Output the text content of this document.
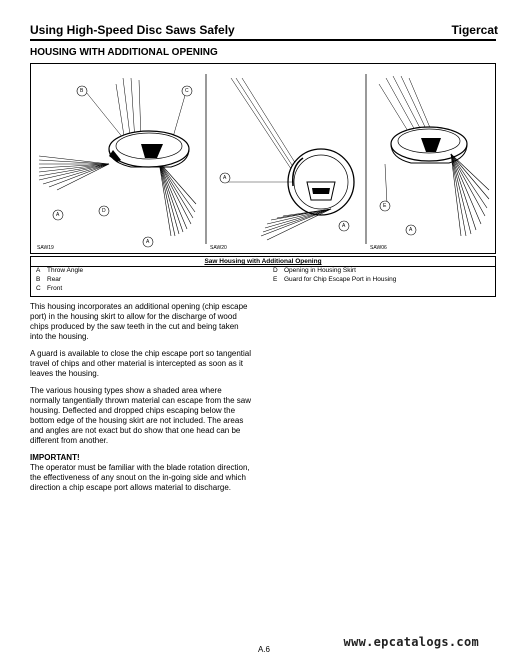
Using High-Speed Disc Saws Safely	Tigercat
HOUSING WITH ADDITIONAL OPENING
B	C
A
D
A
A
A
E
A
SAW19	SAW20	SAW06
Saw Housing with Additional Opening
A Throw Angle
B Rear
C Front
D Opening in Housing Skirt
E Guard for Chip Escape Port in Housing

This housing incorporates an additional opening (chip escape port) in the housing skirt to allow for the discharge of wood chips produced by the saw teeth in the cut and being taken into the housing.

A guard is available to close the chip escape port so tangential travel of chips and other material is intercepted as soon as it leaves the housing.

The various housing types show a shaded area where normally tangentially thrown material can escape from the saw housing. Deflected and dropped chips escaping below the bottom edge of the housing skirt are not included. The areas and angles are not exact but do show that one head can be different from another.

IMPORTANT!

The operator must be familiar with the blade rotation direction, the effectiveness of any snout on the in-going side and which direction a chip escape port allows material to discharge.

www.epcatalogs.com
A.6
